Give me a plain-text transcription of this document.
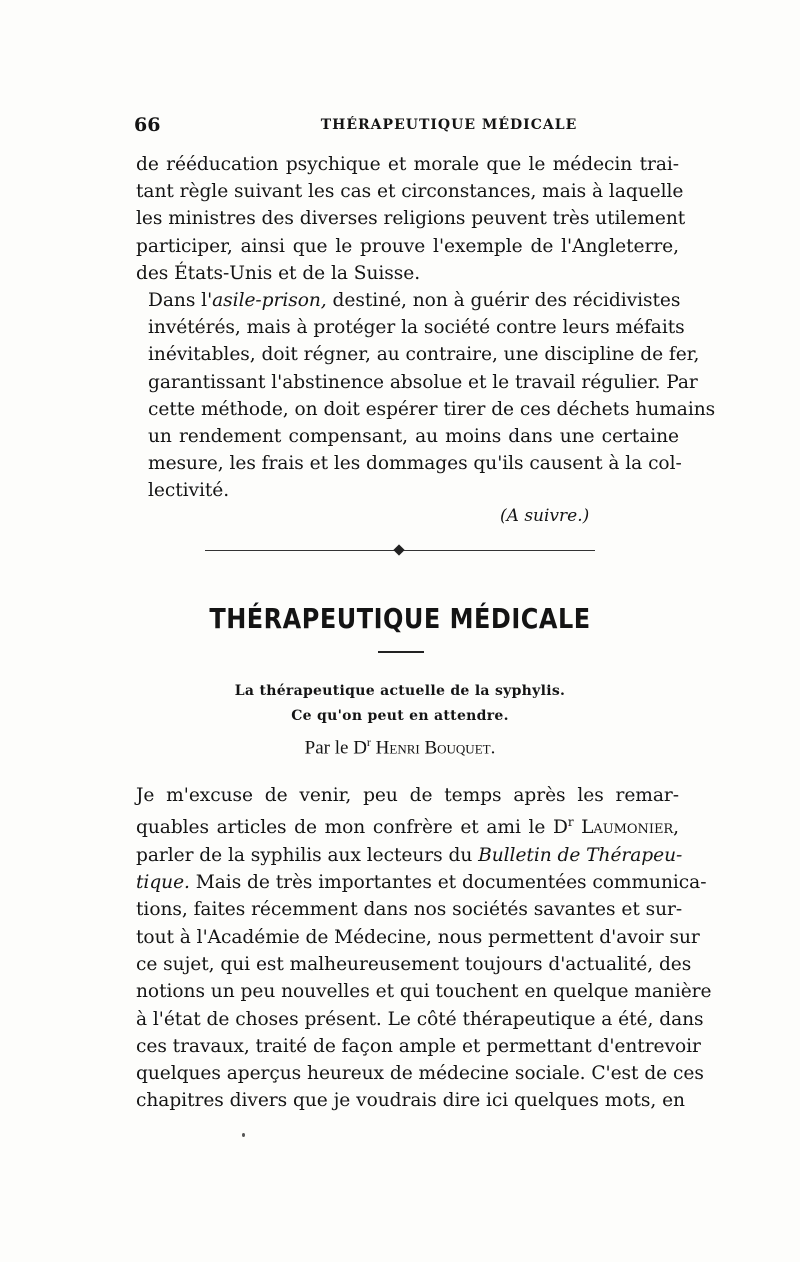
66	THÉRAPEUTIQUE MÉDICALE
de rééducation psychique et morale que le médecin trai-
tant règle suivant les cas et circonstances, mais à laquelle
les ministres des diverses religions peuvent très utilement
participer, ainsi que le prouve l'exemple de l'Angleterre,
des États-Unis et de la Suisse.
Dans l'asile-prison, destiné, non à guérir des récidivistes
invétérés, mais à protéger la société contre leurs méfaits
inévitables, doit régner, au contraire, une discipline de fer,
garantissant l'abstinence absolue et le travail régulier. Par
cette méthode, on doit espérer tirer de ces déchets humains
un rendement compensant, au moins dans une certaine
mesure, les frais et les dommages qu'ils causent à la col-
lectivité.
(A suivre.)
THÉRAPEUTIQUE MÉDICALE
La thérapeutique actuelle de la syphylis.
Ce qu'on peut en attendre.
Par le $D^r$ Henri Bouquet.
Je m'excuse de venir, peu de temps après les remar-
quables articles de mon confrère et ami le $D^r$ Laumonier,
parler de la syphilis aux lecteurs du Bulletin de Thérapeu-
tique. Mais de très importantes et documentées communica-
tions, faites récemment dans nos sociétés savantes et sur-
tout à l'Académie de Médecine, nous permettent d'avoir sur
ce sujet, qui est malheureusement toujours d'actualité, des
notions un peu nouvelles et qui touchent en quelque manière
à l'état de choses présent. Le côté thérapeutique a été, dans
ces travaux, traité de façon ample et permettant d'entrevoir
quelques aperçus heureux de médecine sociale. C'est de ces
chapitres divers que je voudrais dire ici quelques mots, en
